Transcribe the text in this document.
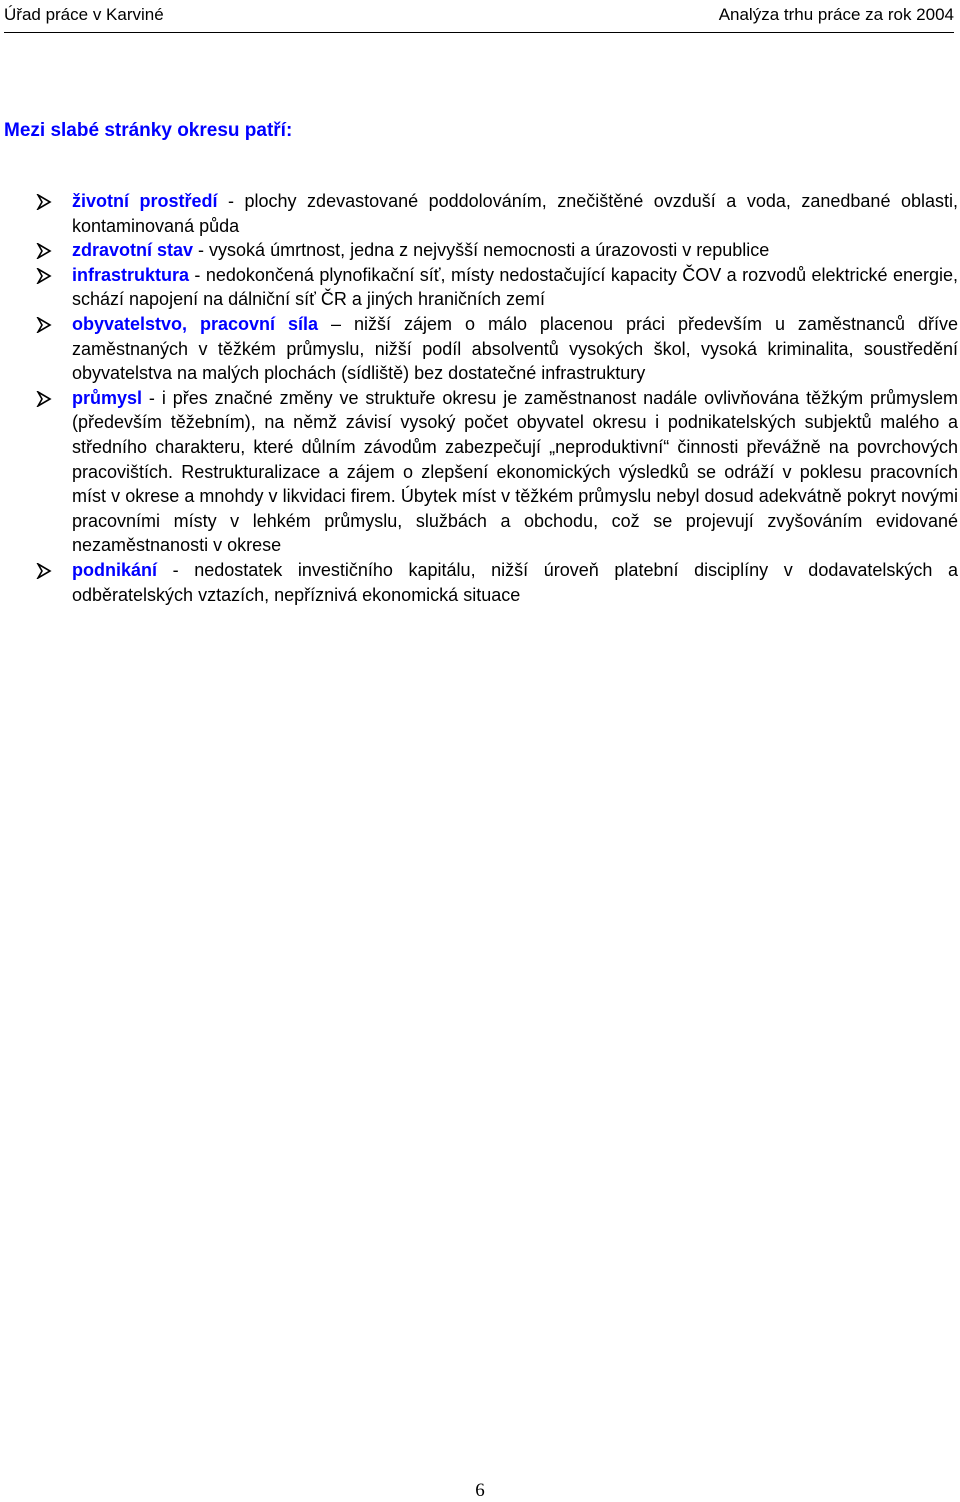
Úřad práce v Karviné	Analýza trhu práce za rok 2004
Mezi slabé stránky okresu patří:
životní prostředí - plochy zdevastované poddolováním, znečištěné ovzduší a voda, zanedbané oblasti, kontaminovaná půda
zdravotní stav - vysoká úmrtnost, jedna z nejvyšší nemocnosti a úrazovosti v republice
infrastruktura - nedokončená plynofikační síť, místy nedostačující kapacity ČOV a rozvodů elektrické energie, schází napojení na dálniční síť ČR a jiných hraničních zemí
obyvatelstvo, pracovní síla – nižší zájem o málo placenou práci především u zaměstnanců dříve zaměstnaných v těžkém průmyslu, nižší podíl absolventů vysokých škol, vysoká kriminalita, soustředění obyvatelstva na malých plochách (sídliště) bez dostatečné infrastruktury
průmysl - i přes značné změny ve struktuře okresu je zaměstnanost nadále ovlivňována těžkým průmyslem (především těžebním), na němž závisí vysoký počet obyvatel okresu i podnikatelských subjektů malého a středního charakteru, které důlním závodům zabezpečují „neproduktivní“ činnosti převážně na povrchových pracovištích. Restrukturalizace a zájem o zlepšení ekonomických výsledků se odráží v poklesu pracovních míst v okrese a mnohdy v likvidaci firem. Úbytek míst v těžkém průmyslu nebyl dosud adekvátně pokryt novými pracovními místy v lehkém průmyslu, službách a obchodu, což se projevují zvyšováním evidované nezaměstnanosti v okrese
podnikání - nedostatek investičního kapitálu, nižší úroveň platební disciplíny v dodavatelských a odběratelských vztazích, nepříznivá ekonomická situace
6
